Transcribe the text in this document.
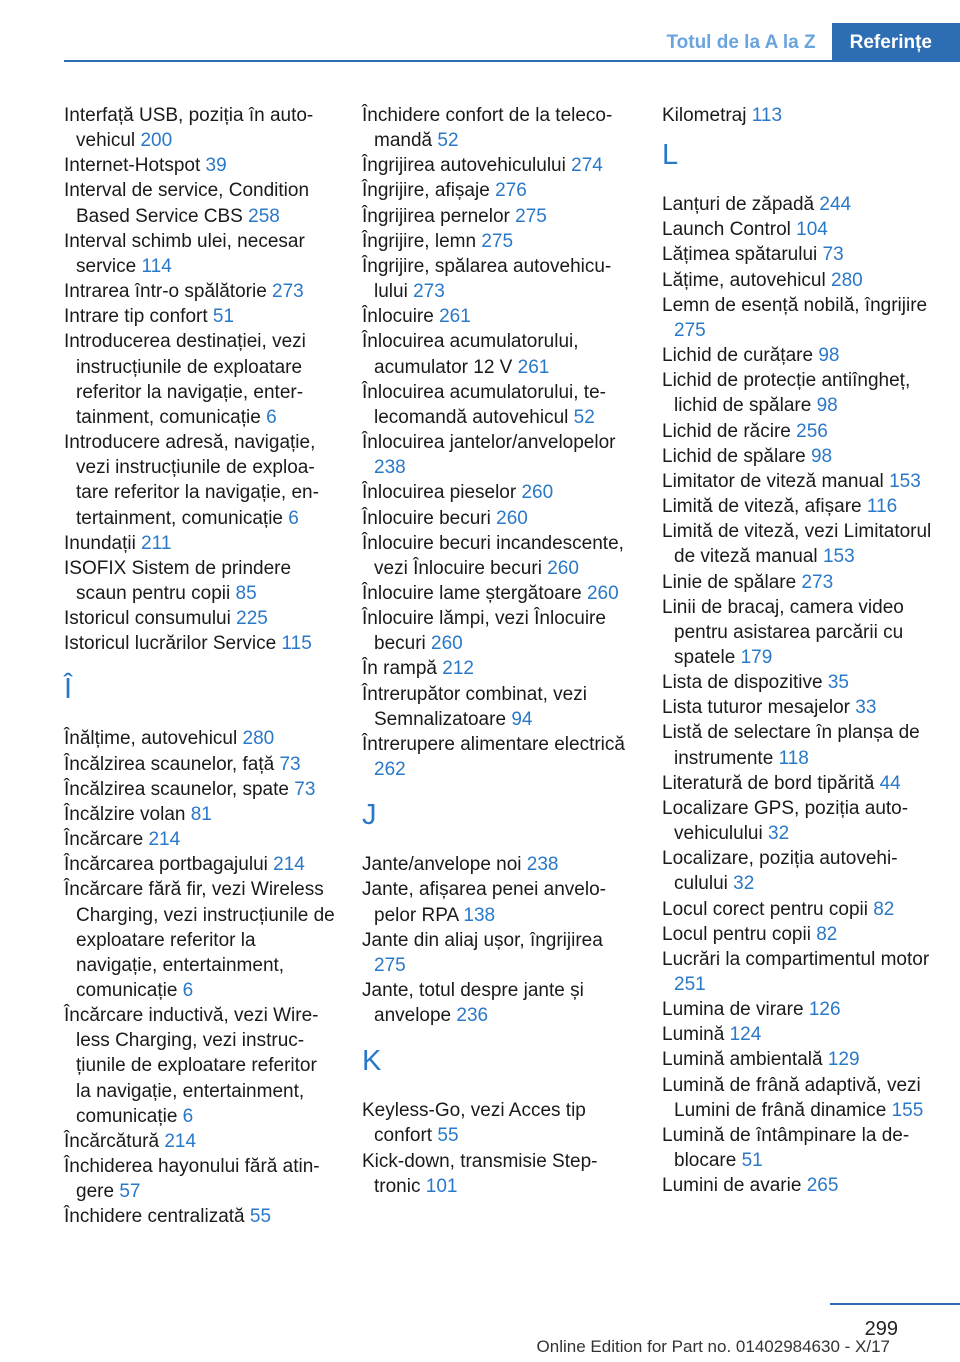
Totul de la A la Z	Referințe
Interfață USB, poziția în autovehicul 200
Internet-Hotspot 39
Interval de service, Condition Based Service CBS 258
Interval schimb ulei, necesar service 114
Intrarea într-o spălătorie 273
Intrare tip confort 51
Introducerea destinației, vezi instrucțiunile de exploatare referitor la navigație, entertainment, comunicație 6
Introducere adresă, navigație, vezi instrucțiunile de exploatare referitor la navigație, entertainment, comunicație 6
Inundații 211
ISOFIX Sistem de prindere scaun pentru copii 85
Istoricul consumului 225
Istoricul lucrărilor Service 115
Î
Înălțime, autovehicul 280
Încălzirea scaunelor, față 73
Încălzirea scaunelor, spate 73
Încălzire volan 81
Încărcare 214
Încărcarea portbagajului 214
Încărcare fără fir, vezi Wireless Charging, vezi instrucțiunile de exploatare referitor la navigație, entertainment, comunicație 6
Încărcare inductivă, vezi Wireless Charging, vezi instrucțiunile de exploatare referitor la navigație, entertainment, comunicație 6
Încărcătură 214
Închiderea hayonului fără atingere 57
Închidere centralizată 55
Închidere confort de la telecomandă 52
Îngrijirea autovehiculului 274
Îngrijire, afișaje 276
Îngrijirea pernelor 275
Îngrijire, lemn 275
Îngrijire, spălarea autovehiculului 273
Înlocuire 261
Înlocuirea acumulatorului, acumulator 12 V 261
Înlocuirea acumulatorului, telecomandă autovehicul 52
Înlocuirea jantelor/anvelopelor 238
Înlocuirea pieselor 260
Înlocuire becuri 260
Înlocuire becuri incandescente, vezi Înlocuire becuri 260
Înlocuire lame ștergătoare 260
Înlocuire lămpi, vezi Înlocuire becuri 260
În rampă 212
Întrerupător combinat, vezi Semnalizatoare 94
Întrerupere alimentare electrică 262
J
Jante/anvelope noi 238
Jante, afișarea penei anvelopelor RPA 138
Jante din aliaj ușor, îngrijirea 275
Jante, totul despre jante și anvelope 236
K
Keyless-Go, vezi Acces tip confort 55
Kick-down, transmisie Steptronic 101
Kilometraj 113
L
Lanțuri de zăpadă 244
Launch Control 104
Lățimea spătarului 73
Lățime, autovehicul 280
Lemn de esență nobilă, îngrijire 275
Lichid de curățare 98
Lichid de protecție antiîngheț, lichid de spălare 98
Lichid de răcire 256
Lichid de spălare 98
Limitator de viteză manual 153
Limită de viteză, afișare 116
Limită de viteză, vezi Limitatorul de viteză manual 153
Linie de spălare 273
Linii de bracaj, camera video pentru asistarea parcării cu spatele 179
Lista de dispozitive 35
Lista tuturor mesajelor 33
Listă de selectare în planșa de instrumente 118
Literatură de bord tipărită 44
Localizare GPS, poziția autovehiculului 32
Localizare, poziția autovehiculului 32
Locul corect pentru copii 82
Locul pentru copii 82
Lucrări la compartimentul motor 251
Lumina de virare 126
Lumină 124
Lumină ambientală 129
Lumină de frână adaptivă, vezi Lumini de frână dinamice 155
Lumină de întâmpinare la deblocare 51
Lumini de avarie 265
299
Online Edition for Part no. 01402984630 - X/17
